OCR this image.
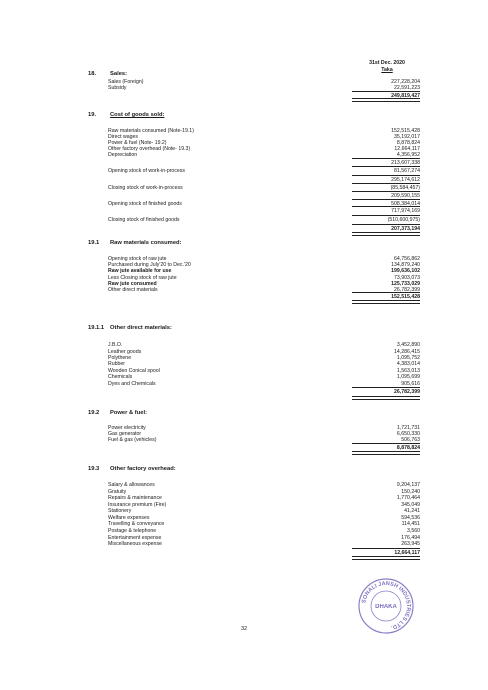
31st Dec. 2020
Taka
18. Sales:
Sales (Foreign)	227,228,204
Subsidy	22,591,223
249,819,427
19. Cost of goods sold:
Raw materials consumed (Note-19.1)	152,515,428
Direct wages	35,192,017
Power & fuel (Note- 19.2)	8,878,824
Other factory overhead (Note- 19.3)	12,664,117
Depreciation	4,356,952
213,607,338
Opening stock of work-in-process	81,567,274
295,174,612
Closing stock of work-in-process	(85,584,457)
209,590,155
Opening stock of finished goods	508,384,014
717,974,169
Closing stock of finished goods	(510,600,975)
207,373,194
19.1 Raw materials consumed:
Opening stock of raw jute	64,756,862
Purchased during July'20 to Dec.'20	134,879,240
Raw jute available for use	199,636,102
Less Closing stock of raw jute	73,903,073
Raw jute consumed	125,733,029
Other direct materials	26,782,399
152,515,428
19.1.1 Other direct materials:
J.B.O.	3,452,890
Leather goods	14,286,415
Polythene	1,095,752
Rubber	4,383,014
Wooden Conical spool	1,563,013
Chemicals	1,095,699
Dyes and Chemicals	905,616
26,782,399
19.2 Power & fuel:
Power electricity	1,721,731
Gas generator	6,650,330
Fuel & gas (vehicles)	506,763
8,878,824
19.3 Other factory overhead:
Salary & allowances	9,204,137
Gratuity	150,240
Repairs & maintenance	1,770,464
Insurance premium (Fire)	345,049
Stationery	41,241
Welfare expenses	594,536
Travelling & conveyance	114,451
Postage & telephone	3,560
Entertainment expense	176,494
Miscellaneous expense	263,945
12,664,117
32
SONALI JANSH INDUSTRIES LTD.
DHAKA
